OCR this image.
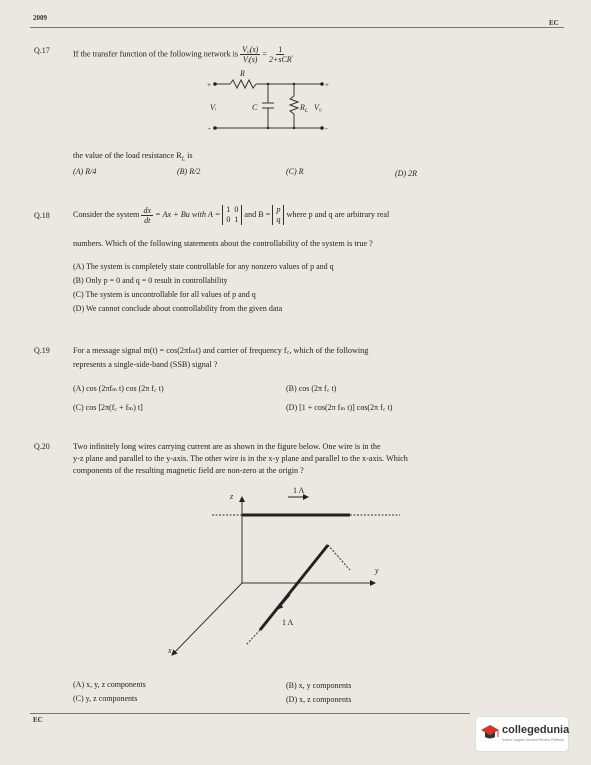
2009
EC
Q.17	If the transfer function of the following network is $\frac{\text{V₀(s)}}{\text{Vᵢ(s)}} = \frac{1}{\text{2+sCR}}$ .
R
+
-
+
-
Vᵢ	C	$R_L$ V₀
the value of the load resistance $R_L$ is
(A) R/4	(B) R/2	(C) R	(D) 2R
Q.18	Consider the system $\frac{dx}{dt} = Ax + Bu$ with A = 1  0
0  1 and B = p
q where p and q are arbitrary real
numbers. Which of the following statements about the controllability of the system is true ?
(A) The system is completely state controllable for any nonzero values of p and q
(B) Only p = 0 and q = 0 result in controllability
(C) The system is uncontrollable for all values of p and q
(D) We cannot conclude about controllability from the given data
Q.19	For a message signal m(t) = cos(2πfₘt) and carrier of frequency f꜀, which of the following
represents a single-side-band (SSB) signal ?
(A) cos (2πfₘ t) cos (2π f꜀ t)	(B) cos (2π f꜀ t)
(C) cos [2π(f꜀ + fₘ) t]	(D) [1 + cos(2π fₘ t)] cos(2π f꜀ t)
Q.20	Two infinitely long wires carrying current are as shown in the figure below. One wire is in the
y-z plane and parallel to the y-axis. The other wire is in the x-y plane and parallel to the x-axis. Which
components of the resulting magnetic field are non-zero at the origin ?
z
y
x
1 A
1 A
(A) x, y, z components	(B) x, y components
(C) y, z components	(D) x, z components
EC
collegedunia
India's Largest Student Review Platform
